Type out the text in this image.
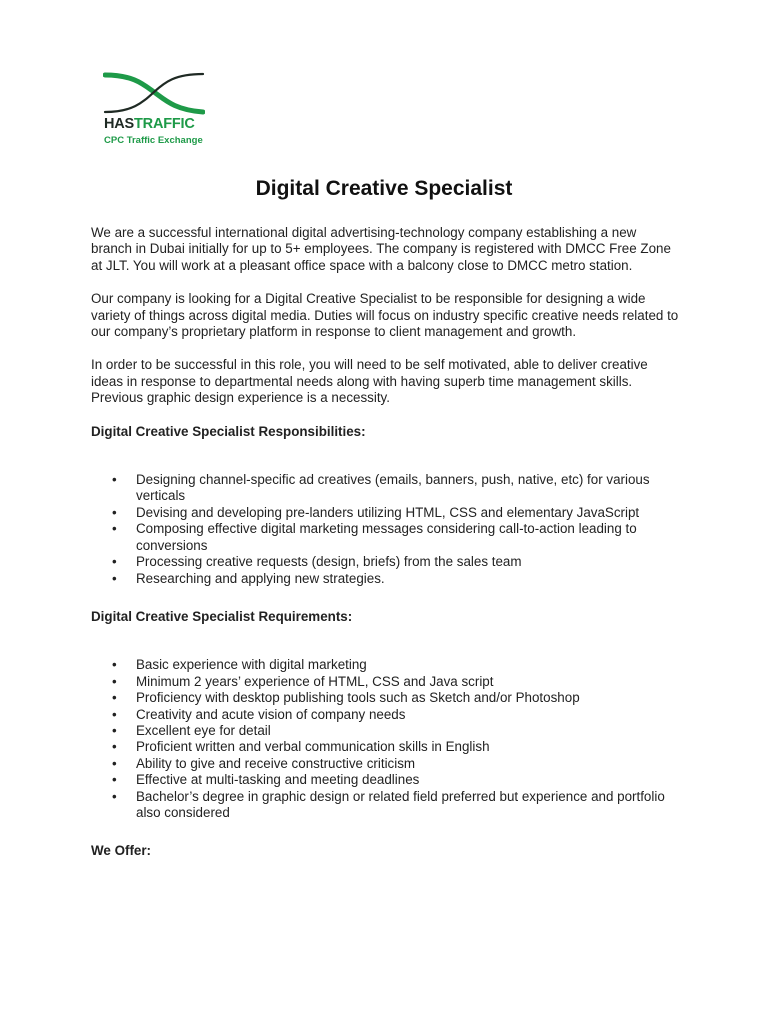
HASTRAFFIC
CPC Traffic Exchange
Digital Creative Specialist

We are a successful international digital advertising-technology company establishing a new branch in Dubai initially for up to 5+ employees. The company is registered with DMCC Free Zone at JLT. You will work at a pleasant office space with a balcony close to DMCC metro station.

Our company is looking for a Digital Creative Specialist to be responsible for designing a wide variety of things across digital media. Duties will focus on industry specific creative needs related to our company’s proprietary platform in response to client management and growth.

In order to be successful in this role, you will need to be self motivated, able to deliver creative ideas in response to departmental needs along with having superb time management skills. Previous graphic design experience is a necessity.

Digital Creative Specialist Responsibilities:
• Designing channel-specific ad creatives (emails, banners, push, native, etc) for various verticals
• Devising and developing pre-landers utilizing HTML, CSS and elementary JavaScript
• Composing effective digital marketing messages considering call-to-action leading to conversions
• Processing creative requests (design, briefs) from the sales team
• Researching and applying new strategies.
Digital Creative Specialist Requirements:
• Basic experience with digital marketing
• Minimum 2 years’ experience of HTML, CSS and Java script
• Proficiency with desktop publishing tools such as Sketch and/or Photoshop
• Creativity and acute vision of company needs
• Excellent eye for detail
• Proficient written and verbal communication skills in English
• Ability to give and receive constructive criticism
• Effective at multi-tasking and meeting deadlines
• Bachelor’s degree in graphic design or related field preferred but experience and portfolio also considered
We Offer:
